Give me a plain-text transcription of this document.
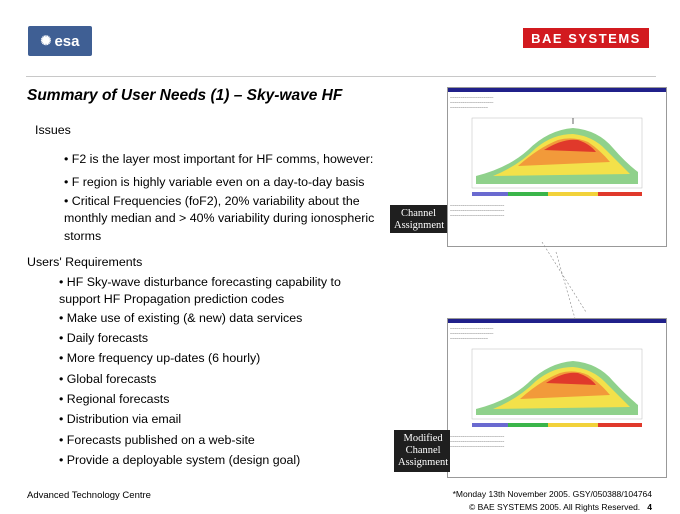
✺ esa	BAE SYSTEMS
Summary of User Needs (1) – Sky-wave HF
Issues
• F2 is the layer most important for HF comms, however:
• F region is highly variable even on a day-to-day basis
• Critical Frequencies (foF2), 20% variability about the
monthly median and > 40% variability during ionospheric
storms
Users' Requirements
• HF Sky-wave disturbance forecasting capability to
support HF Propagation prediction codes
• Make use of existing (& new) data services
• Daily forecasts
• More frequency up-dates (6 hourly)
• Global forecasts
• Regional forecasts
• Distribution via email
• Forecasts published on a web-site
• Provide a deployable system (design goal)
┈┈┈┈┈┈┈┈┈┈┈┈┈┈┈┈
┈┈┈┈┈┈┈┈┈┈┈┈┈┈┈┈
┈┈┈┈┈┈┈┈┈┈┈┈┈┈
┈┈┈┈┈┈┈┈┈┈┈┈┈┈┈┈┈┈┈┈
┈┈┈┈┈┈┈┈┈┈┈┈┈┈┈┈┈┈┈┈
┈┈┈┈┈┈┈┈┈┈┈┈┈┈┈┈┈┈┈┈
┈┈┈┈┈┈┈┈┈┈┈┈┈┈┈┈
┈┈┈┈┈┈┈┈┈┈┈┈┈┈┈┈
┈┈┈┈┈┈┈┈┈┈┈┈┈┈
┈┈┈┈┈┈┈┈┈┈┈┈┈┈┈┈┈┈┈┈
┈┈┈┈┈┈┈┈┈┈┈┈┈┈┈┈┈┈┈┈
┈┈┈┈┈┈┈┈┈┈┈┈┈┈┈┈┈┈┈┈
Channel Assignment
Modified Channel Assignment
Advanced Technology Centre	*Monday 13th November 2005. GSY/050388/104764
© BAE SYSTEMS 2005. All Rights Reserved. 4
